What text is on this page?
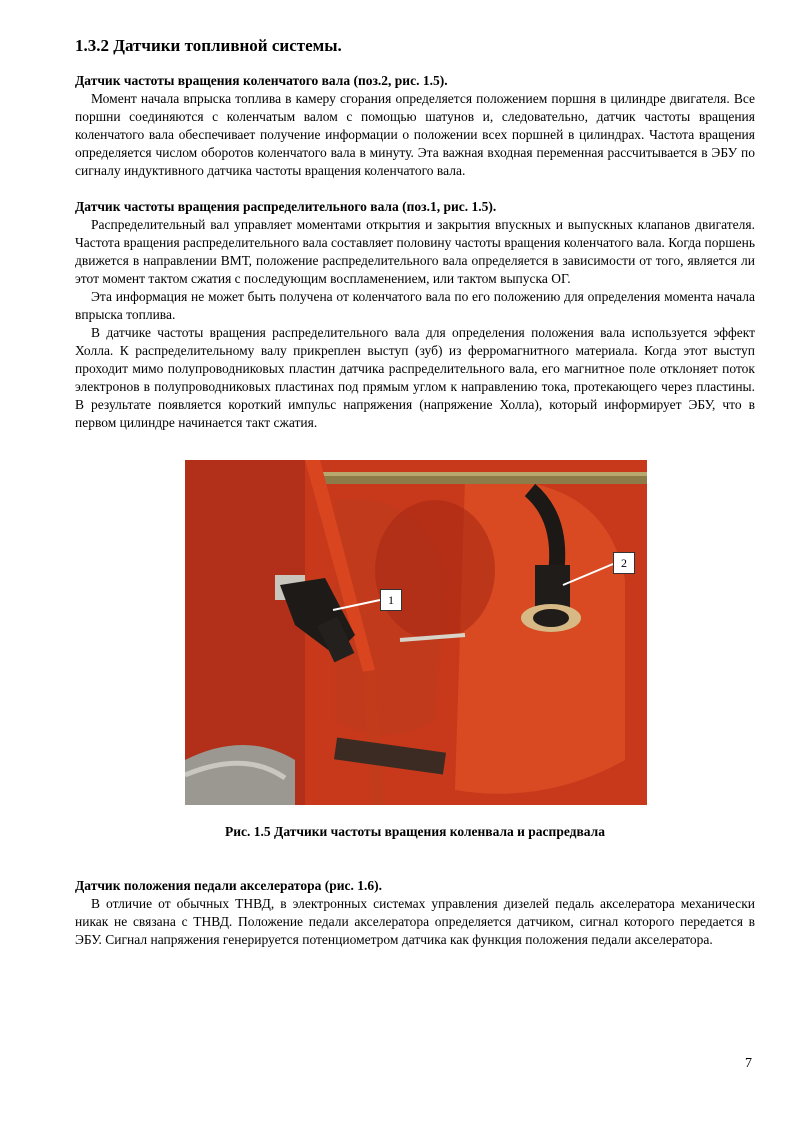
1.3.2 Датчики топливной системы.
Датчик частоты вращения коленчатого вала (поз.2, рис. 1.5).

Момент начала впрыска топлива в камеру сгорания определяется положением поршня в цилиндре двигателя. Все поршни соединяются с коленчатым валом с помощью шатунов и, следовательно, датчик частоты вращения коленчатого вала обеспечивает получение информации о положении всех поршней в цилиндрах. Частота вращения определяется числом оборотов коленчатого вала в минуту. Эта важная входная переменная рассчитывается в ЭБУ по сигналу индуктивного датчика частоты вращения коленчатого вала.

Датчик частоты вращения распределительного вала (поз.1, рис. 1.5).

Распределительный вал управляет моментами открытия и закрытия впускных и выпускных клапанов двигателя. Частота вращения распределительного вала составляет половину частоты вращения коленчатого вала. Когда поршень движется в направлении ВМТ, положение распределительного вала определяется в зависимости от того, является ли этот момент тактом сжатия с последующим воспламенением, или тактом выпуска ОГ.

Эта информация не может быть получена от коленчатого вала по его положению для определения момента начала впрыска топлива.

В датчике частоты вращения распределительного вала для определения положения вала используется эффект Холла. К распределительному валу прикреплен выступ (зуб) из ферромагнитного материала. Когда этот выступ проходит мимо полупроводниковых пластин датчика распределительного вала, его магнитное поле отклоняет поток электронов в полупроводниковых пластинах под прямым углом к направлению тока, протекающего через пластины. В результате появляется короткий импульс напряжения (напряжение Холла), который информирует ЭБУ, что в первом цилиндре начинается такт сжатия.

1
2
Рис. 1.5 Датчики частоты вращения коленвала и распредвала
Датчик положения педали акселератора (рис. 1.6).

В отличие от обычных ТНВД, в электронных системах управления дизелей педаль акселератора механически никак не связана с ТНВД. Положение педали акселератора определяется датчиком, сигнал которого передается в ЭБУ. Сигнал напряжения генерируется потенциометром датчика как функция положения педали акселератора.

7
